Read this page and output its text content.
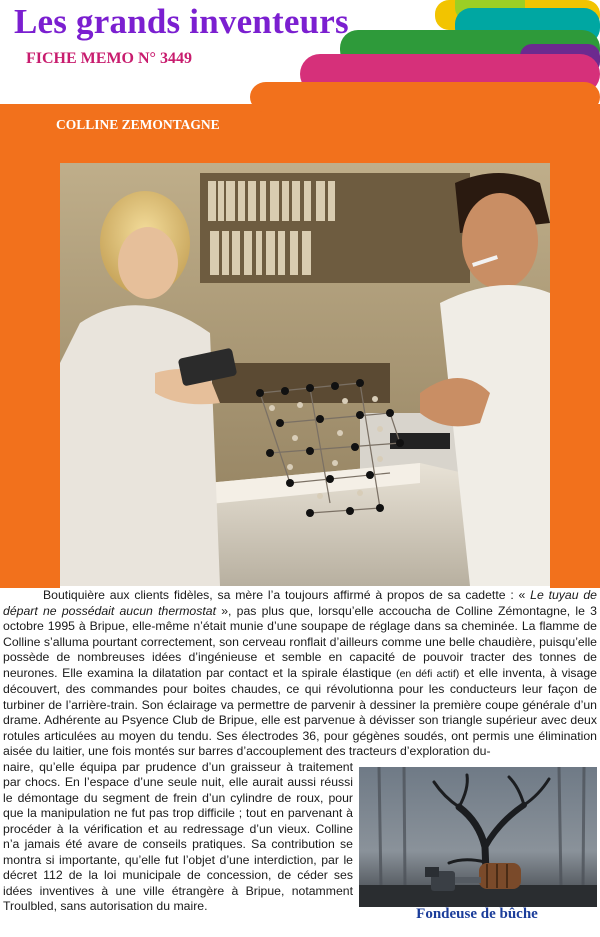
Les grands inventeurs
FICHE MEMO N° 3449
COLLINE ZEMONTAGNE

Boutiquière aux clients fidèles, sa mère l’a toujours affirmé à propos de sa cadette : « Le tuyau de départ ne possédait aucun thermostat », pas plus que, lorsqu’elle accoucha de Colline Zémontagne, le 3 octobre 1995 à Bripue, elle-même n’était munie d’une soupape de réglage dans sa cheminée. La flamme de Colline s’alluma pourtant correctement, son cerveau ronflait d’ailleurs comme une belle chaudière, puisqu’elle possède de nombreuses idées d’ingénieuse et semble en capacité de pouvoir tracter des tonnes de neurones. Elle examina la dilatation par contact et la spirale élastique (en défi actif) et elle inventa, à visage découvert, des commandes pour boites chaudes, ce qui révolutionna pour les conducteurs leur façon de turbiner de l’arrière-train. Son éclairage va permettre de parvenir à dessiner la première coupe générale d’un drame. Adhérente au Psyence Club de Bripue, elle est parvenue à dévisser son triangle supérieur avec deux rotules articulées au moyen du tendu. Ses électrodes 36, pour gégènes soudés, ont permis une élimination aisée du laitier, une fois montés sur barres d’accouplement des tracteurs d’exploration du-

naire, qu’elle équipa par prudence d’un graisseur à traitement par chocs. En l’espace d’une seule nuit, elle aurait aussi réussi le démontage du segment de frein d’un cylindre de roux, pour que la manipulation ne fut pas trop difficile ; tout en parvenant à procéder à la vérification et au redressage d’un vieux. Colline n’a jamais été avare de conseils pratiques. Sa contribution se montra si importante, qu’elle fut l’objet d’une interdiction, par le décret 112 de la loi municipale de concession, de céder ses idées inventives à une ville étrangère à Bripue, notamment Troulbled, sans autorisation du maire.	Fondeuse de bûche
